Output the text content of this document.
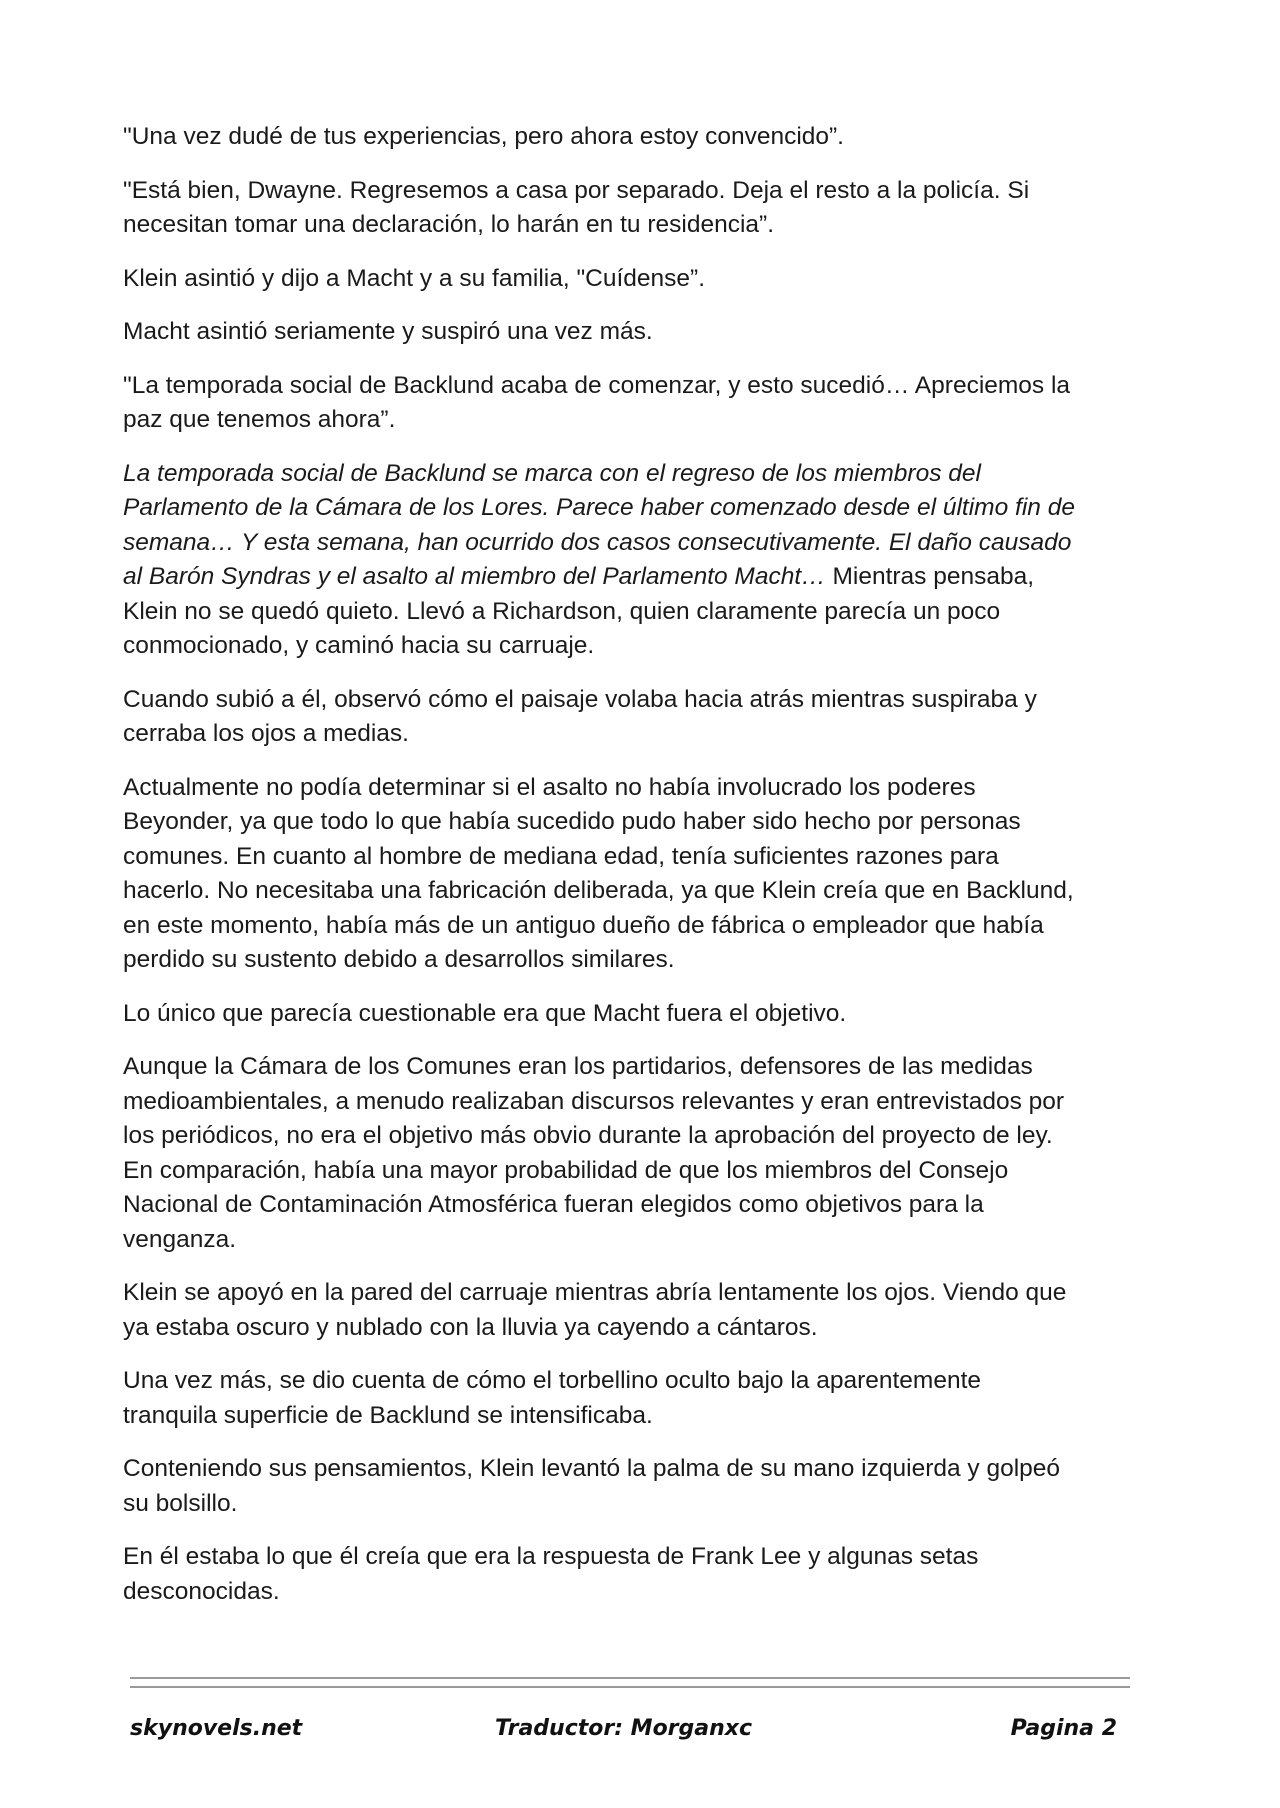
"Una vez dudé de tus experiencias, pero ahora estoy convencido”.

"Está bien, Dwayne. Regresemos a casa por separado. Deja el resto a la policía. Si
necesitan tomar una declaración, lo harán en tu residencia”.

Klein asintió y dijo a Macht y a su familia, "Cuídense”.

Macht asintió seriamente y suspiró una vez más.

"La temporada social de Backlund acaba de comenzar, y esto sucedió… Apreciemos la
paz que tenemos ahora”.

La temporada social de Backlund se marca con el regreso de los miembros del
Parlamento de la Cámara de los Lores. Parece haber comenzado desde el último fin de
semana… Y esta semana, han ocurrido dos casos consecutivamente. El daño causado
al Barón Syndras y el asalto al miembro del Parlamento Macht… Mientras pensaba,
Klein no se quedó quieto. Llevó a Richardson, quien claramente parecía un poco
conmocionado, y caminó hacia su carruaje.

Cuando subió a él, observó cómo el paisaje volaba hacia atrás mientras suspiraba y
cerraba los ojos a medias.

Actualmente no podía determinar si el asalto no había involucrado los poderes
Beyonder, ya que todo lo que había sucedido pudo haber sido hecho por personas
comunes. En cuanto al hombre de mediana edad, tenía suficientes razones para
hacerlo. No necesitaba una fabricación deliberada, ya que Klein creía que en Backlund,
en este momento, había más de un antiguo dueño de fábrica o empleador que había
perdido su sustento debido a desarrollos similares.

Lo único que parecía cuestionable era que Macht fuera el objetivo.

Aunque la Cámara de los Comunes eran los partidarios, defensores de las medidas
medioambientales, a menudo realizaban discursos relevantes y eran entrevistados por
los periódicos, no era el objetivo más obvio durante la aprobación del proyecto de ley.
En comparación, había una mayor probabilidad de que los miembros del Consejo
Nacional de Contaminación Atmosférica fueran elegidos como objetivos para la
venganza.

Klein se apoyó en la pared del carruaje mientras abría lentamente los ojos. Viendo que
ya estaba oscuro y nublado con la lluvia ya cayendo a cántaros.

Una vez más, se dio cuenta de cómo el torbellino oculto bajo la aparentemente
tranquila superficie de Backlund se intensificaba.

Conteniendo sus pensamientos, Klein levantó la palma de su mano izquierda y golpeó
su bolsillo.

En él estaba lo que él creía que era la respuesta de Frank Lee y algunas setas
desconocidas.

skynovels.net	Traductor: Morganxc	Pagina 2
